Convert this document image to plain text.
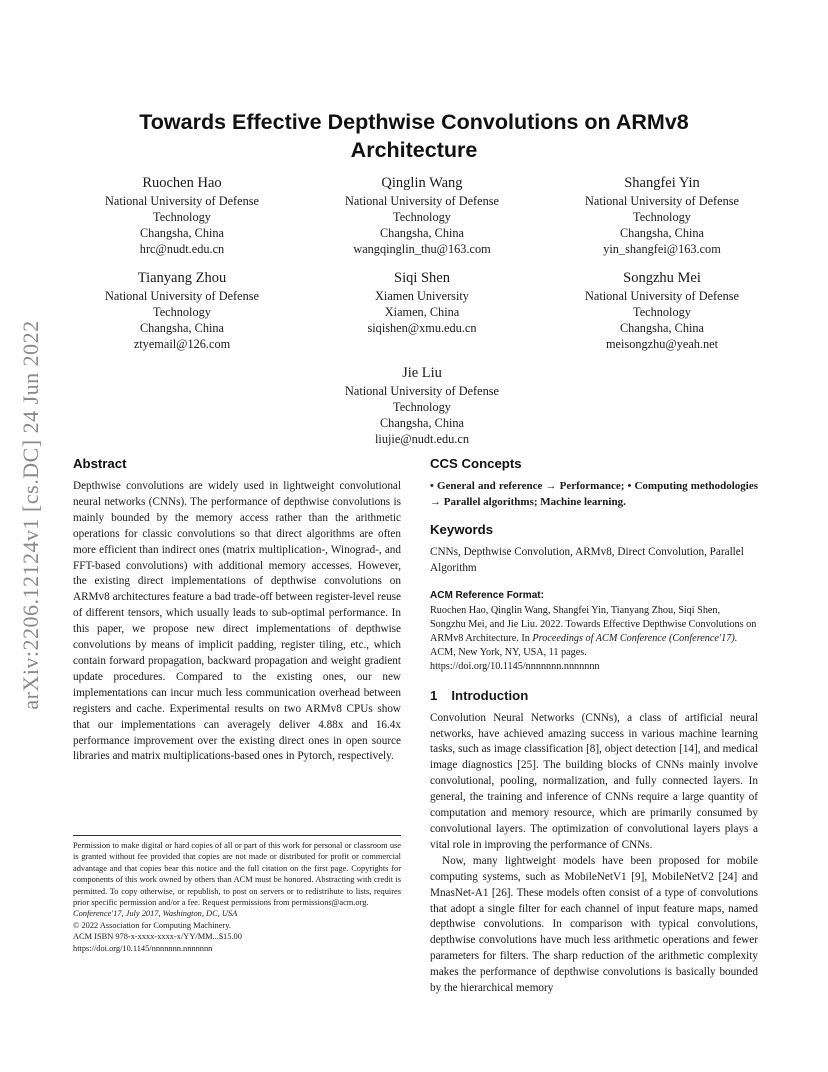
arXiv:2206.12124v1 [cs.DC] 24 Jun 2022
Towards Effective Depthwise Convolutions on ARMv8 Architecture
Ruochen Hao
National University of Defense
Technology
Changsha, China
hrc@nudt.edu.cn
Qinglin Wang
National University of Defense
Technology
Changsha, China
wangqinglin_thu@163.com
Shangfei Yin
National University of Defense
Technology
Changsha, China
yin_shangfei@163.com
Tianyang Zhou
National University of Defense
Technology
Changsha, China
ztyemail@126.com
Siqi Shen
Xiamen University
Xiamen, China
siqishen@xmu.edu.cn
Songzhu Mei
National University of Defense
Technology
Changsha, China
meisongzhu@yeah.net
Jie Liu
National University of Defense
Technology
Changsha, China
liujie@nudt.edu.cn
Abstract

Depthwise convolutions are widely used in lightweight convolutional neural networks (CNNs). The performance of depthwise convolutions is mainly bounded by the memory access rather than the arithmetic operations for classic convolutions so that direct algorithms are often more efficient than indirect ones (matrix multiplication-, Winograd-, and FFT-based convolutions) with additional memory accesses. However, the existing direct implementations of depthwise convolutions on ARMv8 architectures feature a bad trade-off between register-level reuse of different tensors, which usually leads to sub-optimal performance. In this paper, we propose new direct implementations of depthwise convolutions by means of implicit padding, register tiling, etc., which contain forward propagation, backward propagation and weight gradient update procedures. Compared to the existing ones, our new implementations can incur much less communication overhead between registers and cache. Experimental results on two ARMv8 CPUs show that our implementations can averagely deliver 4.88x and 16.4x performance improvement over the existing direct ones in open source libraries and matrix multiplications-based ones in Pytorch, respectively.

CCS Concepts

• General and reference → Performance; • Computing methodologies → Parallel algorithms; Machine learning.

Keywords

CNNs, Depthwise Convolution, ARMv8, Direct Convolution, Parallel Algorithm

ACM Reference Format:

Ruochen Hao, Qinglin Wang, Shangfei Yin, Tianyang Zhou, Siqi Shen, Songzhu Mei, and Jie Liu. 2022. Towards Effective Depthwise Convolutions on ARMv8 Architecture. In Proceedings of ACM Conference (Conference'17). ACM, New York, NY, USA, 11 pages. https://doi.org/10.1145/nnnnnnn.nnnnnnn

1 Introduction

Convolution Neural Networks (CNNs), a class of artificial neural networks, have achieved amazing success in various machine learning tasks, such as image classification [8], object detection [14], and medical image diagnostics [25]. The building blocks of CNNs mainly involve convolutional, pooling, normalization, and fully connected layers. In general, the training and inference of CNNs require a large quantity of computation and memory resource, which are primarily consumed by convolutional layers. The optimization of convolutional layers plays a vital role in improving the performance of CNNs.

Now, many lightweight models have been proposed for mobile computing systems, such as MobileNetV1 [9], MobileNetV2 [24] and MnasNet-A1 [26]. These models often consist of a type of convolutions that adopt a single filter for each channel of input feature maps, named depthwise convolutions. In comparison with typical convolutions, depthwise convolutions have much less arithmetic operations and fewer parameters for filters. The sharp reduction of the arithmetic complexity makes the performance of depthwise convolutions is basically bounded by the hierarchical memory

Permission to make digital or hard copies of all or part of this work for personal or classroom use is granted without fee provided that copies are not made or distributed for profit or commercial advantage and that copies bear this notice and the full citation on the first page. Copyrights for components of this work owned by others than ACM must be honored. Abstracting with credit is permitted. To copy otherwise, or republish, to post on servers or to redistribute to lists, requires prior specific permission and/or a fee. Request permissions from permissions@acm.org.
Conference'17, July 2017, Washington, DC, USA
© 2022 Association for Computing Machinery.
ACM ISBN 978-x-xxxx-xxxx-x/YY/MM...$15.00
https://doi.org/10.1145/nnnnnnn.nnnnnnn
